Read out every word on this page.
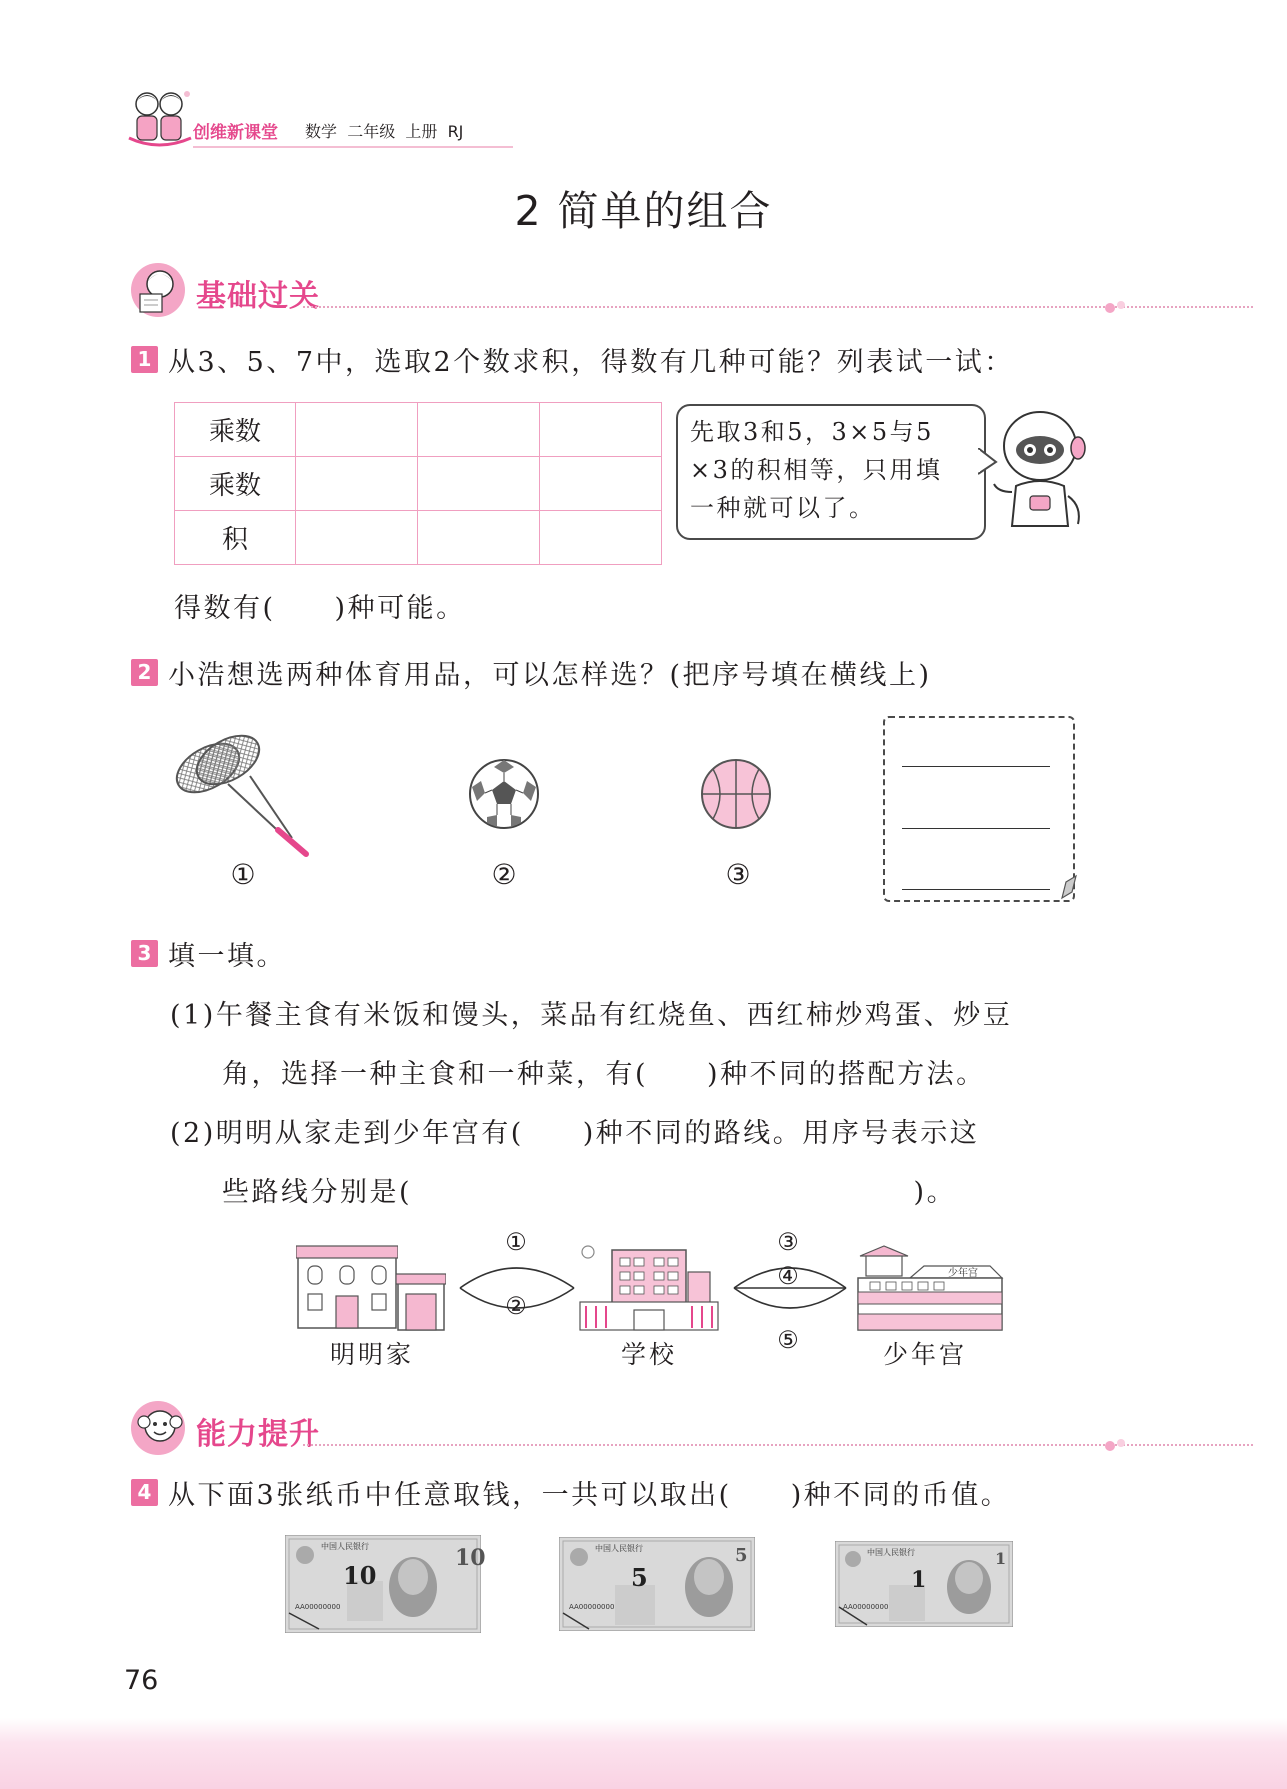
创维新课堂 数学 二年级 上册 RJ
2 简单的组合
基础过关
1 从3、5、7中，选取2个数求积，得数有几种可能？列表试一试：
乘数			
乘数			
积			
先取3和5，3×5与5
×3的积相等，只用填
一种就可以了。
得数有(　　)种可能。
2 小浩想选两种体育用品，可以怎样选？(把序号填在横线上)
①	②	③
3 填一填。
(1)午餐主食有米饭和馒头，菜品有红烧鱼、西红柿炒鸡蛋、炒豆
角，选择一种主食和一种菜，有(　　)种不同的搭配方法。
(2)明明从家走到少年宫有(　　)种不同的路线。用序号表示这
些路线分别是(　　　　　　　　　　　　　　　　　)。
少年宫
①
②
③
④
⑤
明明家	学校	少年宫
能力提升
4 从下面3张纸币中任意取钱，一共可以取出(　　)种不同的币值。
中国人民银行
10
10
AA00000000
中国人民银行
5
5
AA00000000
中国人民银行
1
1
AA00000000
76
